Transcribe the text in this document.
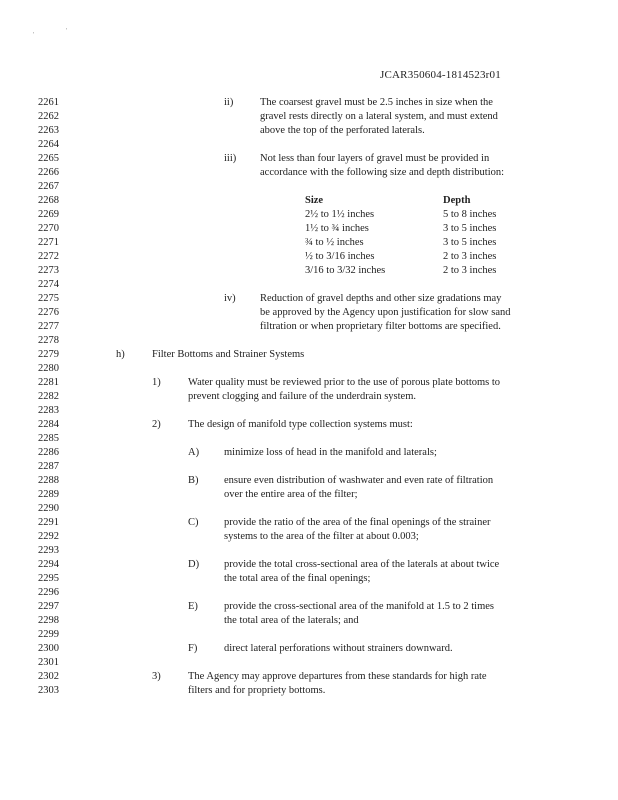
'	'
JCAR350604-1814523r01
2261
2262
2263
2264
2265
2266
2267
2268
2269
2270
2271
2272
2273
2274
2275
2276
2277
2278
2279
2280
2281
2282
2283
2284
2285
2286
2287
2288
2289
2290
2291
2292
2293
2294
2295
2296
2297
2298
2299
2300
2301
2302
2303
ii)	The coarsest gravel must be 2.5 inches in size when the
gravel rests directly on a lateral system, and must extend
above the top of the perforated laterals.

iii) Not less than four layers of gravel must be provided in
accordance with the following size and depth distribution:

Size	Depth
2½ to 1½ inches	5 to 8 inches
1½ to ¾ inches	3 to 5 inches
¾ to ½ inches	3 to 5 inches
½ to 3/16 inches	2 to 3 inches
3/16 to 3/32 inches	2 to 3 inches
iv) Reduction of gravel depths and other size gradations may
be approved by the Agency upon justification for slow sand
filtration or when proprietary filter bottoms are specified.

h)	Filter Bottoms and Strainer Systems
1)	Water quality must be reviewed prior to the use of porous plate bottoms to
prevent clogging and failure of the underdrain system.

2)	The design of manifold type collection systems must:

A) minimize loss of head in the manifold and laterals;

B) ensure even distribution of washwater and even rate of filtration
over the entire area of the filter;

C) provide the ratio of the area of the final openings of the strainer
systems to the area of the filter at about 0.003;

D) provide the total cross-sectional area of the laterals at about twice
the total area of the final openings;

E) provide the cross-sectional area of the manifold at 1.5 to 2 times
the total area of the laterals; and

F)	direct lateral perforations without strainers downward.

3)	The Agency may approve departures from these standards for high rate
filters and for propriety bottoms.
